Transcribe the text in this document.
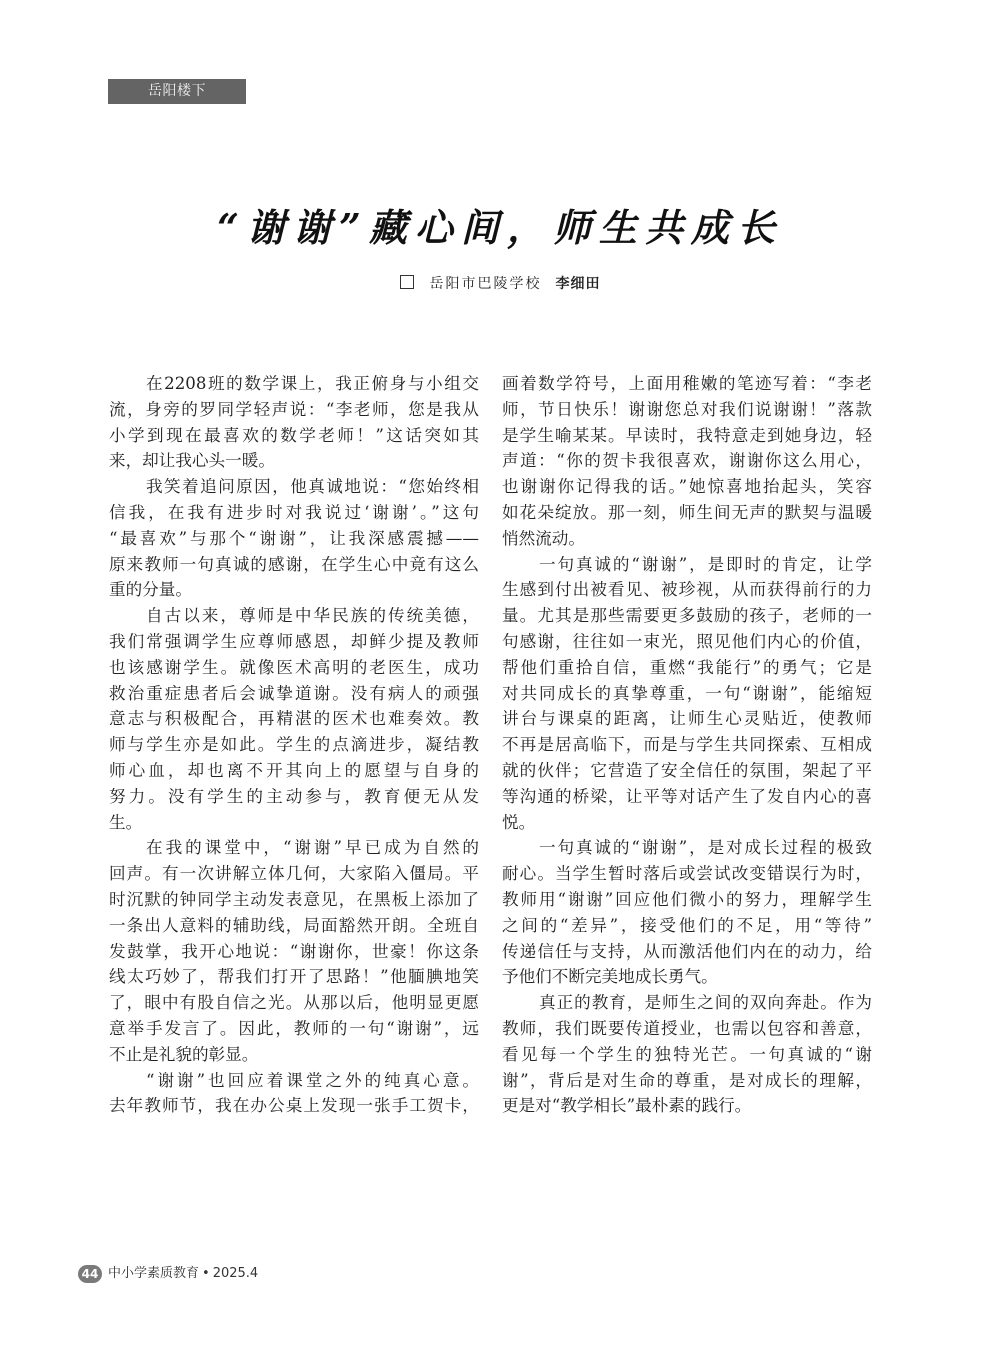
岳阳楼下
“谢谢”藏心间，师生共成长
岳阳市巴陵学校 李细田
在2208班的数学课上，我正俯身与小组交
流，身旁的罗同学轻声说：“李老师，您是我从
小学到现在最喜欢的数学老师！”这话突如其
来，却让我心头一暖。
我笑着追问原因，他真诚地说：“您始终相
信我，在我有进步时对我说过‘谢谢’。”这句
“最喜欢”与那个“谢谢”，让我深感震撼——
原来教师一句真诚的感谢，在学生心中竟有这么
重的分量。
自古以来，尊师是中华民族的传统美德，
我们常强调学生应尊师感恩，却鲜少提及教师
也该感谢学生。就像医术高明的老医生，成功
救治重症患者后会诚挚道谢。没有病人的顽强
意志与积极配合，再精湛的医术也难奏效。教
师与学生亦是如此。学生的点滴进步，凝结教
师心血，却也离不开其向上的愿望与自身的
努力。没有学生的主动参与，教育便无从发
生。
在我的课堂中，“谢谢”早已成为自然的
回声。有一次讲解立体几何，大家陷入僵局。平
时沉默的钟同学主动发表意见，在黑板上添加了
一条出人意料的辅助线，局面豁然开朗。全班自
发鼓掌，我开心地说：“谢谢你，世豪！你这条
线太巧妙了，帮我们打开了思路！”他腼腆地笑
了，眼中有股自信之光。从那以后，他明显更愿
意举手发言了。因此，教师的一句“谢谢”，远
不止是礼貌的彰显。
“谢谢”也回应着课堂之外的纯真心意。
去年教师节，我在办公桌上发现一张手工贺卡，
画着数学符号，上面用稚嫩的笔迹写着：“李老
师，节日快乐！谢谢您总对我们说谢谢！”落款
是学生喻某某。早读时，我特意走到她身边，轻
声道：“你的贺卡我很喜欢，谢谢你这么用心，
也谢谢你记得我的话。”她惊喜地抬起头，笑容
如花朵绽放。那一刻，师生间无声的默契与温暖
悄然流动。
一句真诚的“谢谢”，是即时的肯定，让学
生感到付出被看见、被珍视，从而获得前行的力
量。尤其是那些需要更多鼓励的孩子，老师的一
句感谢，往往如一束光，照见他们内心的价值，
帮他们重拾自信，重燃“我能行”的勇气；它是
对共同成长的真挚尊重，一句“谢谢”，能缩短
讲台与课桌的距离，让师生心灵贴近，使教师
不再是居高临下，而是与学生共同探索、互相成
就的伙伴；它营造了安全信任的氛围，架起了平
等沟通的桥梁，让平等对话产生了发自内心的喜
悦。
一句真诚的“谢谢”，是对成长过程的极致
耐心。当学生暂时落后或尝试改变错误行为时，
教师用“谢谢”回应他们微小的努力，理解学生
之间的“差异”，接受他们的不足，用“等待”
传递信任与支持，从而激活他们内在的动力，给
予他们不断完美地成长勇气。
真正的教育，是师生之间的双向奔赴。作为
教师，我们既要传道授业，也需以包容和善意，
看见每一个学生的独特光芒。一句真诚的“谢
谢”，背后是对生命的尊重，是对成长的理解，
更是对“教学相长”最朴素的践行。
44 中小学素质教育 • 2025.4
